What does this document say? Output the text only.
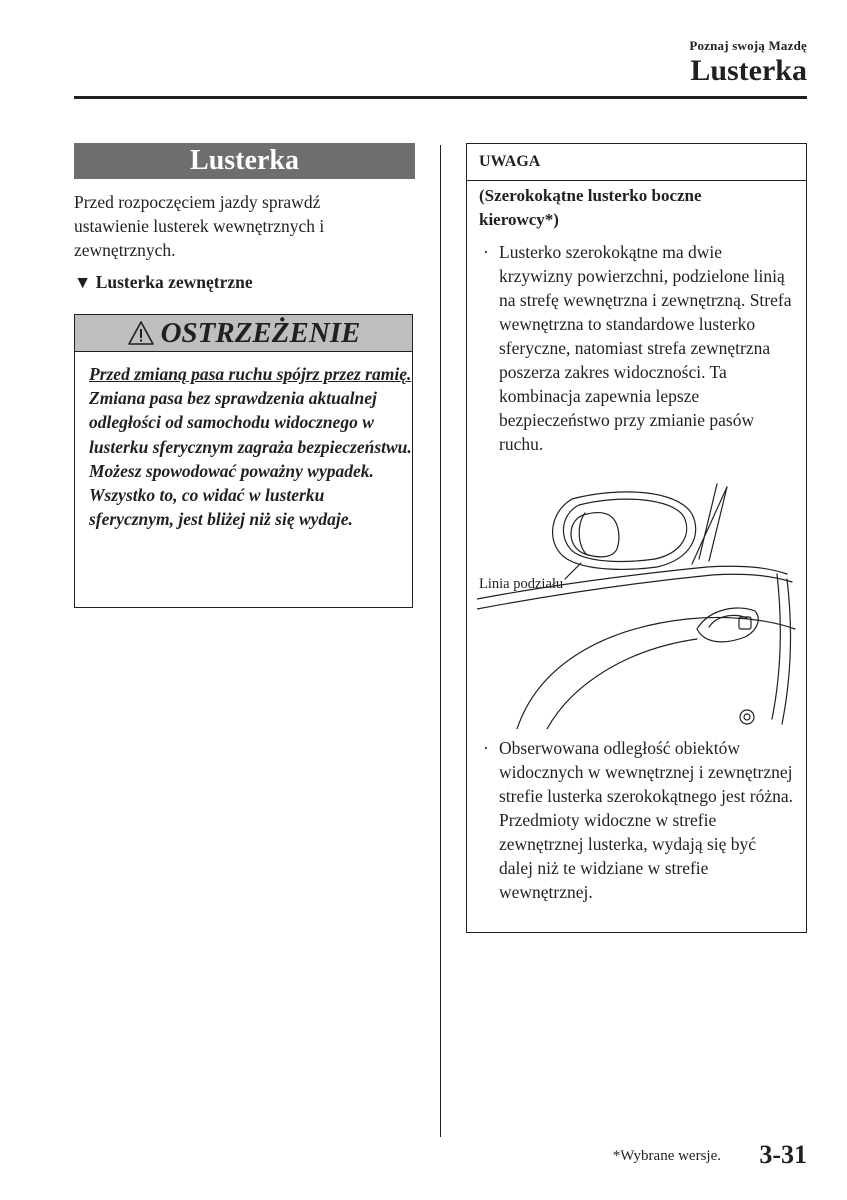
Poznaj swoją Mazdę
Lusterka
Lusterka
Przed rozpoczęciem jazdy sprawdź ustawienie lusterek wewnętrznych i zewnętrznych.
▼ Lusterka zewnętrzne
OSTRZEŻENIE
Przed zmianą pasa ruchu spójrz przez ramię.
Zmiana pasa bez sprawdzenia aktualnej odległości od samochodu widocznego w lusterku sferycznym zagraża bezpieczeństwu. Możesz spowodować poważny wypadek. Wszystko to, co widać w lusterku sferycznym, jest bliżej niż się wydaje.
UWAGA
(Szerokokątne lusterko boczne kierowcy*)
· Lusterko szerokokątne ma dwie krzywizny powierzchni, podzielone linią na strefę wewnętrzna i zewnętrzną. Strefa wewnętrzna to standardowe lusterko sferyczne, natomiast strefa zewnętrzna poszerza zakres widoczności. Ta kombinacja zapewnia lepsze bezpieczeństwo przy zmianie pasów ruchu.
Linia podziału
· Obserwowana odległość obiektów widocznych w wewnętrznej i zewnętrznej strefie lusterka szerokokątnego jest różna. Przedmioty widoczne w strefie zewnętrznej lusterka, wydają się być dalej niż te widziane w strefie wewnętrznej.
*Wybrane wersje. 3-31
